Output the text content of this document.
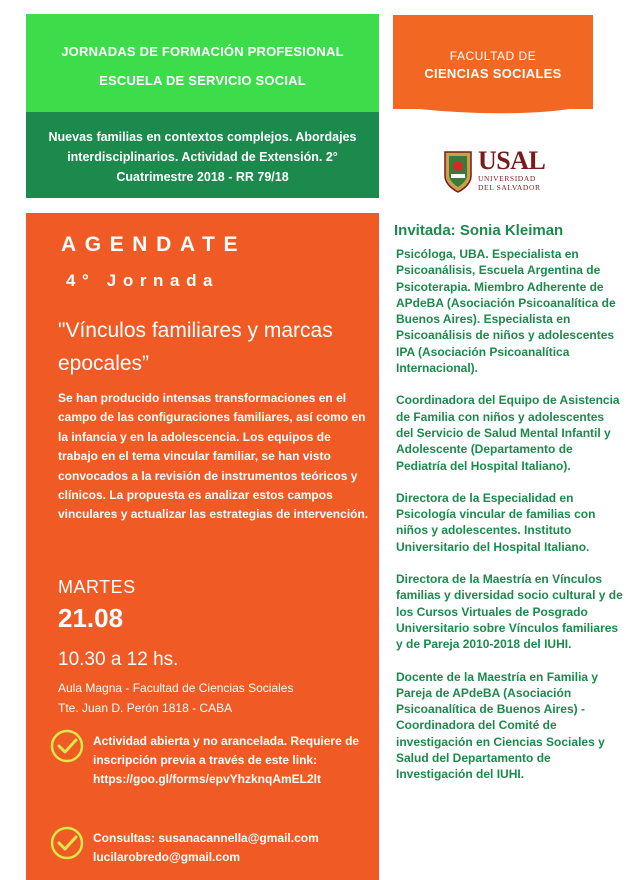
JORNADAS DE FORMACIÓN PROFESIONAL
ESCUELA DE SERVICIO SOCIAL
Nuevas familias en contextos complejos. Abordajes interdisciplinarios. Actividad de Extensión. 2° Cuatrimestre 2018 - RR 79/18
FACULTAD DE
CIENCIAS SOCIALES
USAL
UNIVERSIDAD
DEL SALVADOR
AGENDATE
4° Jornada
"Vínculos familiares y marcas epocales”
Se han producido intensas transformaciones en el campo de las configuraciones familiares, así como en la infancia y en la adolescencia. Los equipos de trabajo en el tema vincular familiar, se han visto convocados a la revisión de instrumentos teóricos y clínicos. La propuesta es analizar estos campos vinculares y actualizar las estrategias de intervención.
MARTES
21.08
10.30 a 12 hs.
Aula Magna - Facultad de Ciencias Sociales
Tte. Juan D. Perón 1818 - CABA
Actividad abierta y no arancelada. Requiere de inscripción previa a través de este link: https://goo.gl/forms/epvYhzknqAmEL2lt
Consultas: susanacannella@gmail.com
lucilarobredo@gmail.com
Invitada: Sonia Kleiman
Psicóloga, UBA. Especialista en Psicoanálisis, Escuela Argentina de Psicoterapia. Miembro Adherente de APdeBA (Asociación Psicoanalítica de Buenos Aires). Especialista en Psicoanálisis de niños y adolescentes IPA (Asociación Psicoanalítica Internacional).
Coordinadora del Equipo de Asistencia de Familia con niños y adolescentes del Servicio de Salud Mental Infantil y Adolescente (Departamento de Pediatría del Hospital Italiano).
Directora de la Especialidad en Psicología vincular de familias con niños y adolescentes. Instituto Universitario del Hospital Italiano.
Directora de la Maestría en Vínculos familias y diversidad socio cultural y de los Cursos Virtuales de Posgrado Universitario sobre Vínculos familiares y de Pareja 2010-2018 del IUHI.
Docente de la Maestría en Familia y Pareja de APdeBA (Asociación Psicoanalítica de Buenos Aires) - Coordinadora del Comité de investigación en Ciencias Sociales y Salud del Departamento de Investigación del IUHI.
